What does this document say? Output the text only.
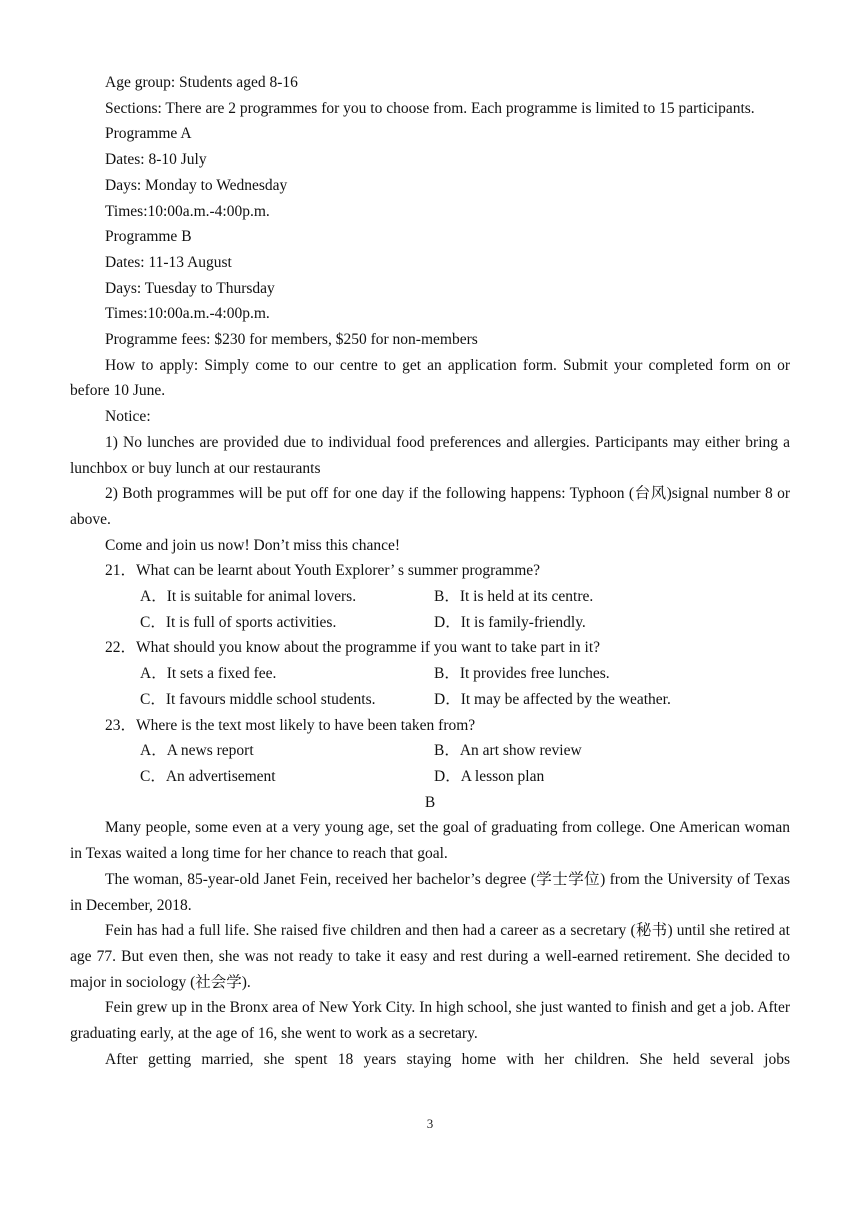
Age group: Students aged 8-16

Sections: There are 2 programmes for you to choose from. Each programme is limited to 15 participants.

Programme A

Dates: 8-10 July

Days: Monday to Wednesday

Times:10:00a.m.-4:00p.m.

Programme B

Dates: 11-13 August

Days: Tuesday to Thursday

Times:10:00a.m.-4:00p.m.

Programme fees: $230 for members, $250 for non-members

How to apply: Simply come to our centre to get an application form. Submit your completed form on or before 10 June.

Notice:

1) No lunches are provided due to individual food preferences and allergies. Participants may either bring a lunchbox or buy lunch at our restaurants

2) Both programmes will be put off for one day if the following happens: Typhoon (台风)signal number 8 or above.

Come and join us now! Don’t miss this chance!

21．What can be learnt about Youth Explorer’ s summer programme?

A．It is suitable for animal lovers.	B．It is held at its centre.
C．It is full of sports activities.	D．It is family-friendly.

22．What should you know about the programme if you want to take part in it?

A．It sets a fixed fee.	B．It provides free lunches.
C．It favours middle school students.	D．It may be affected by the weather.

23．Where is the text most likely to have been taken from?

A．A news report	B．An art show review
C．An advertisement	D．A lesson plan

B

Many people, some even at a very young age, set the goal of graduating from college. One American woman in Texas waited a long time for her chance to reach that goal.

The woman, 85-year-old Janet Fein, received her bachelor’s degree (学士学位) from the University of Texas in December, 2018.

Fein has had a full life. She raised five children and then had a career as a secretary (秘书) until she retired at age 77. But even then, she was not ready to take it easy and rest during a well-earned retirement. She decided to major in sociology (社会学).

Fein grew up in the Bronx area of New York City. In high school, she just wanted to finish and get a job. After graduating early, at the age of 16, she went to work as a secretary.

After getting married, she spent 18 years staying home with her children. She held several jobs

3
